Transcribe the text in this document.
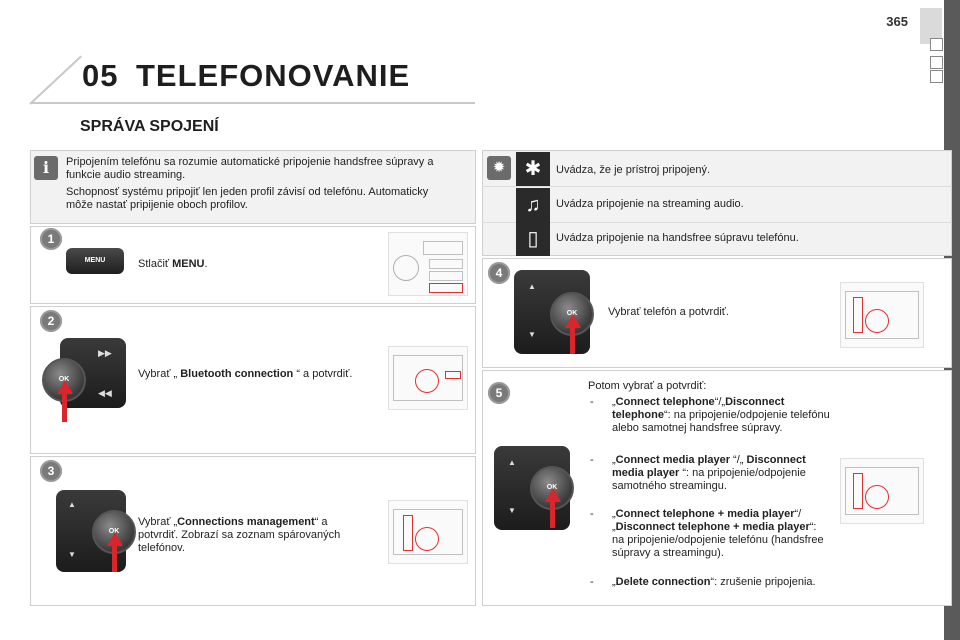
365
05 TELEFONOVANIE
SPRÁVA SPOJENÍ
i	Pripojením telefónu sa rozumie automatické pripojenie handsfree súpravy a funkcie audio streaming.
Schopnosť systému pripojiť len jeden profil závisí od telefónu. Automaticky môže nastať pripijenie oboch profilov.
1
MENU	Stlačiť MENU.
2
▶▶
◀◀
OK	Vybrať „ Bluetooth connection “ a potvrdiť.
3
▲
▼
OK
Vybrať „Connections management“ a potvrdiť. Zobrazí sa zoznam spárovaných telefónov.
✹ ✱	Uvádza, že je prístroj pripojený.
♫	Uvádza pripojenie na streaming audio.
▯	Uvádza pripojenie na handsfree súpravu telefónu.
4
▲
▼
OK	Vybrať telefón a potvrdiť.
5
▲
▼
OK
Potom vybrať a potvrdiť:
-	„Connect telephone“/„Disconnect telephone“: na pripojenie/odpojenie telefónu alebo samotnej handsfree súpravy.
-	„Connect media player “/„ Disconnect media player “: na pripojenie/odpojenie samotného streamingu.
-	„Connect telephone + media player“/„Disconnect telephone + media player“: na pripojenie/odpojenie telefónu (handsfree súpravy a streamingu).
-	„Delete connection“: zrušenie pripojenia.
